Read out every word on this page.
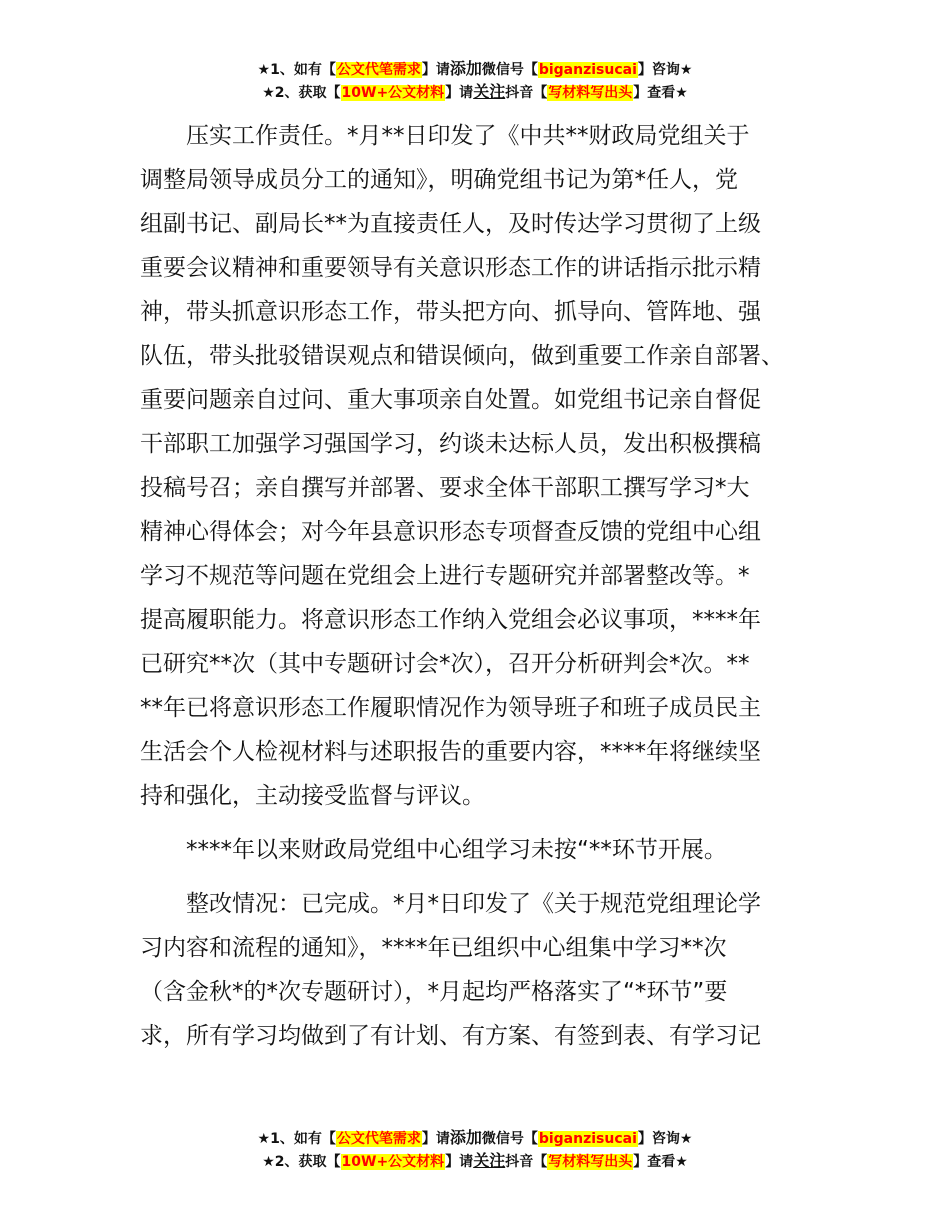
★1、如有【公文代笔需求】请添加微信号【biganzisucai】咨询★
★2、获取【10W+公文材料】请关注抖音【写材料写出头】查看★
　　压实工作责任。*月**日印发了《中共**财政局党组关于
调整局领导成员分工的通知》，明确党组书记为第*任人，党
组副书记、副局长**为直接责任人，及时传达学习贯彻了上级
重要会议精神和重要领导有关意识形态工作的讲话指示批示精
神，带头抓意识形态工作，带头把方向、抓导向、管阵地、强
队伍，带头批驳错误观点和错误倾向，做到重要工作亲自部署、
重要问题亲自过问、重大事项亲自处置。如党组书记亲自督促
干部职工加强学习强国学习，约谈未达标人员，发出积极撰稿
投稿号召；亲自撰写并部署、要求全体干部职工撰写学习*大
精神心得体会；对今年县意识形态专项督查反馈的党组中心组
学习不规范等问题在党组会上进行专题研究并部署整改等。*
提高履职能力。将意识形态工作纳入党组会必议事项，****年
已研究**次（其中专题研讨会*次），召开分析研判会*次。**
**年已将意识形态工作履职情况作为领导班子和班子成员民主
生活会个人检视材料与述职报告的重要内容，****年将继续坚
持和强化，主动接受监督与评议。
　　****年以来财政局党组中心组学习未按“**环节开展。
　　整改情况：已完成。*月*日印发了《关于规范党组理论学
习内容和流程的通知》，****年已组织中心组集中学习**次
（含金秋*的*次专题研讨），*月起均严格落实了“*环节”要
求，所有学习均做到了有计划、有方案、有签到表、有学习记
★1、如有【公文代笔需求】请添加微信号【biganzisucai】咨询★
★2、获取【10W+公文材料】请关注抖音【写材料写出头】查看★
